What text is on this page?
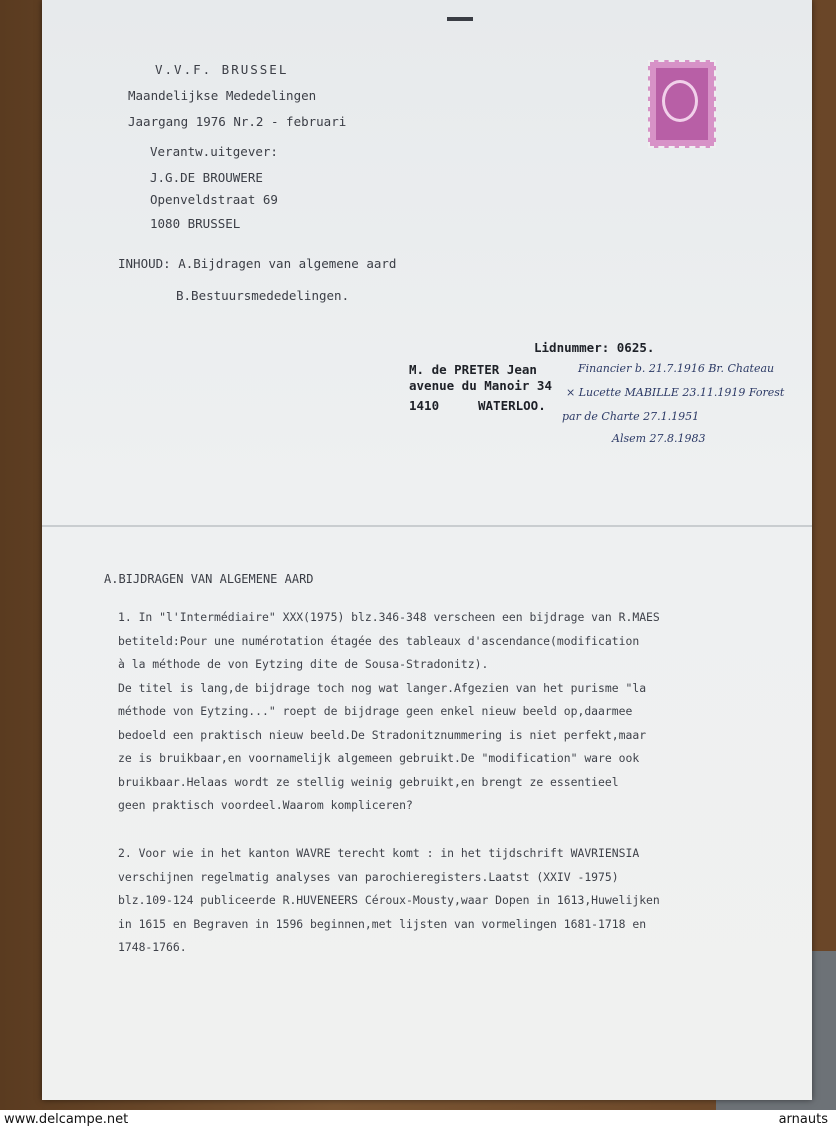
V.V.F. BRUSSEL
Maandelijkse Mededelingen
Jaargang 1976 Nr.2 - februari
Verantw.uitgever:
J.G.DE BROUWERE
Openveldstraat 69
1080 BRUSSEL
INHOUD: A.Bijdragen van algemene aard
B.Bestuursmededelingen.
Lidnummer: 0625.
M. de PRETER Jean
avenue du Manoir 34
1410	WATERLOO.
Financier b. 21.7.1916 Br. Chateau
× Lucette MABILLE 23.11.1919 Forest
par de Charte 27.1.1951
Alsem 27.8.1983
A.BIJDRAGEN VAN ALGEMENE AARD
1. In "l'Intermédiaire" XXX(1975) blz.346-348 verscheen een bijdrage van R.MAES
betiteld:Pour une numérotation étagée des tableaux d'ascendance(modification
à la méthode de von Eytzing dite de Sousa-Stradonitz).
De titel is lang,de bijdrage toch nog wat langer.Afgezien van het purisme "la
méthode von Eytzing..." roept de bijdrage geen enkel nieuw beeld op,daarmee
bedoeld een praktisch nieuw beeld.De Stradonitznummering is niet perfekt,maar
ze is bruikbaar,en voornamelijk algemeen gebruikt.De "modification" ware ook
bruikbaar.Helaas wordt ze stellig weinig gebruikt,en brengt ze essentieel
geen praktisch voordeel.Waarom kompliceren?
2. Voor wie in het kanton WAVRE terecht komt : in het tijdschrift WAVRIENSIA
verschijnen regelmatig analyses van parochieregisters.Laatst (XXIV -1975)
blz.109-124 publiceerde R.HUVENEERS Céroux-Mousty,waar Dopen in 1613,Huwelijken
in 1615 en Begraven in 1596 beginnen,met lijsten van vormelingen 1681-1718 en
1748-1766.
www.delcampe.net	arnauts
